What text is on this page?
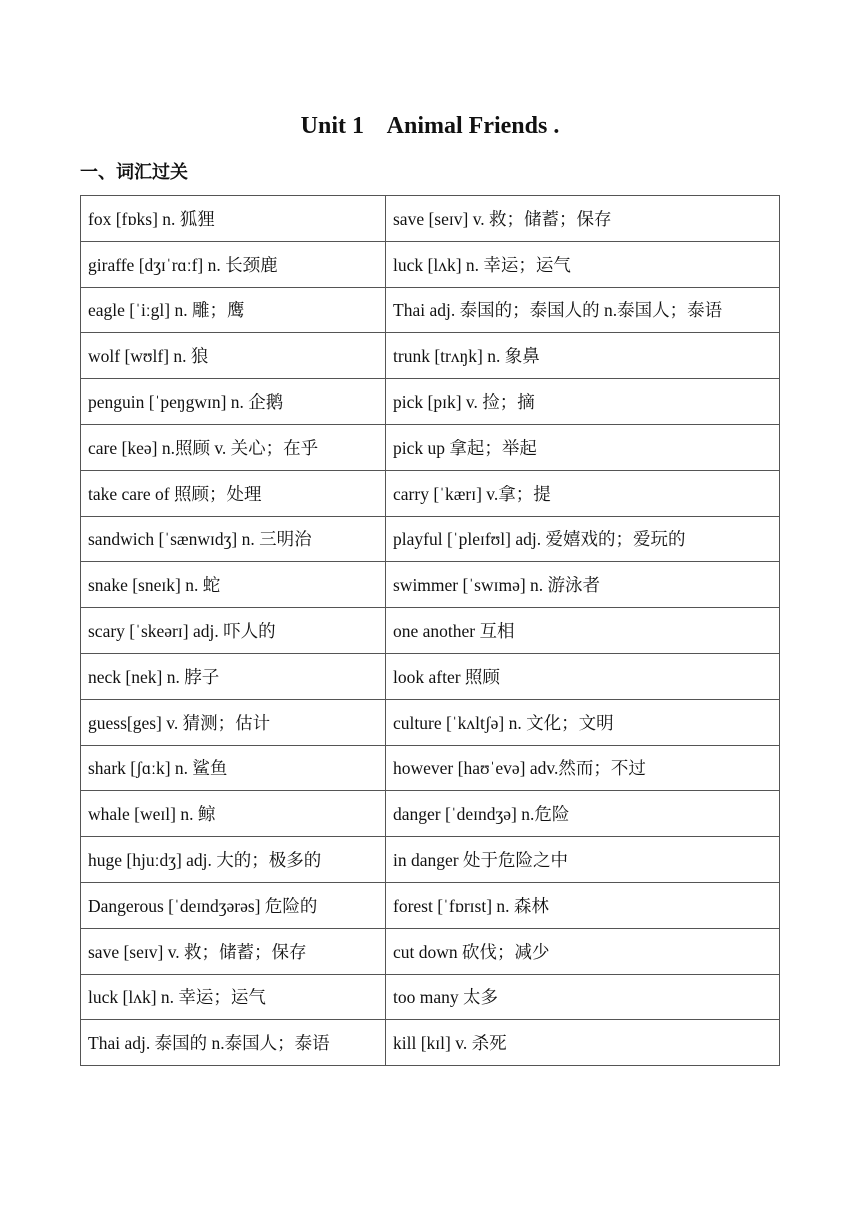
Unit 1    Animal Friends .
一、词汇过关
fox [fɒks] n. 狐狸	save [seɪv] v. 救；储蓄；保存
giraffe [dʒɪˈrɑːf] n. 长颈鹿	luck [lʌk] n. 幸运；运气
eagle [ˈiːgl] n. 雕；鹰	Thai adj. 泰国的；泰国人的 n.泰国人；泰语
wolf [wʊlf] n. 狼	trunk [trʌŋk] n. 象鼻
penguin [ˈpeŋgwɪn] n. 企鹅	pick [pɪk] v. 捡；摘
care [keə] n.照顾 v. 关心；在乎	pick up 拿起；举起
take care of 照顾；处理	carry [ˈkærɪ] v.拿；提
sandwich [ˈsænwɪdʒ] n. 三明治	playful [ˈpleɪfʊl] adj. 爱嬉戏的；爱玩的
snake [sneɪk] n. 蛇	swimmer [ˈswɪmə] n. 游泳者
scary [ˈskeərɪ] adj. 吓人的	one another 互相
neck [nek] n. 脖子	look after 照顾
guess[ges] v. 猜测；估计	culture [ˈkʌltʃə] n. 文化；文明
shark [ʃɑːk] n. 鲨鱼	however [haʊˈevə] adv.然而；不过
whale [weɪl] n. 鲸	danger [ˈdeɪndʒə] n.危险
huge [hjuːdʒ] adj. 大的；极多的	in danger 处于危险之中
Dangerous [ˈdeɪndʒərəs] 危险的	forest [ˈfɒrɪst] n. 森林
save [seɪv] v. 救；储蓄；保存	cut down 砍伐；减少
luck [lʌk] n. 幸运；运气	too many 太多
Thai adj. 泰国的 n.泰国人；泰语	kill [kɪl] v. 杀死
